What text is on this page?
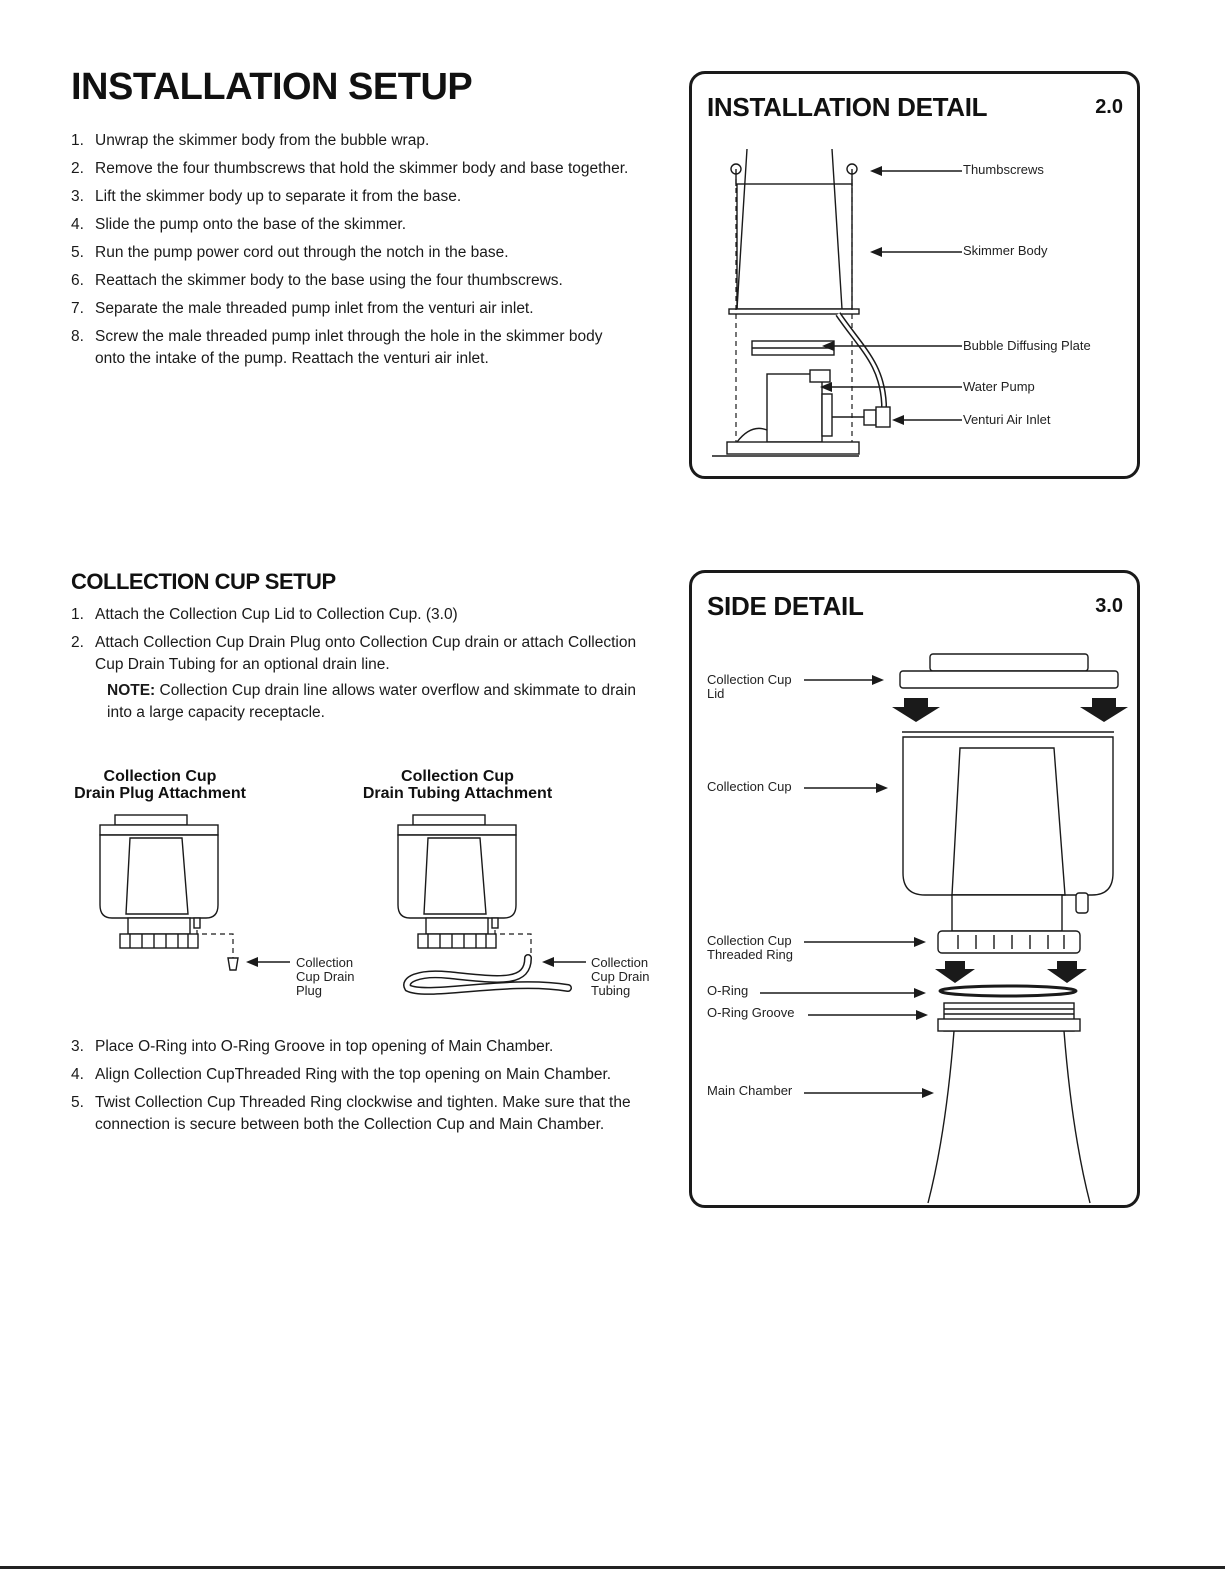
INSTALLATION SETUP
1. Unwrap the skimmer body from the bubble wrap.
2. Remove the four thumbscrews that hold the skimmer body and base together.
3. Lift the skimmer body up to separate it from the base.
4. Slide the pump onto the base of the skimmer.
5. Run the pump power cord out through the notch in the base.
6. Reattach the skimmer body to the base using the four thumbscrews.
7. Separate the male threaded pump inlet from the venturi air inlet.
8. Screw the male threaded pump inlet through the hole in the skimmer body onto the intake of the pump. Reattach the venturi air inlet.
INSTALLATION DETAIL	2.0
Thumbscrews
Skimmer Body
Bubble Diffusing Plate
Water Pump
Venturi Air Inlet
COLLECTION CUP SETUP
1. Attach the Collection Cup Lid to Collection Cup. (3.0)
2. Attach Collection Cup Drain Plug onto Collection Cup drain or attach Collection Cup Drain Tubing for an optional drain line.
NOTE: Collection Cup drain line allows water overflow and skimmate to drain into a large capacity receptacle.
Collection Cup
Drain Plug Attachment
Collection Cup
Drain Tubing Attachment
Collection
Cup Drain
Plug
Collection
Cup Drain
Tubing
3. Place O-Ring into O-Ring Groove in top opening of Main Chamber.
4. Align Collection CupThreaded Ring with the top opening on Main Chamber.
5. Twist Collection Cup Threaded Ring clockwise and tighten. Make sure that the connection is secure between both the Collection Cup and Main Chamber.
SIDE DETAIL	3.0
Collection Cup
Lid
Collection Cup
Collection Cup
Threaded Ring
O-Ring
O-Ring Groove
Main Chamber
